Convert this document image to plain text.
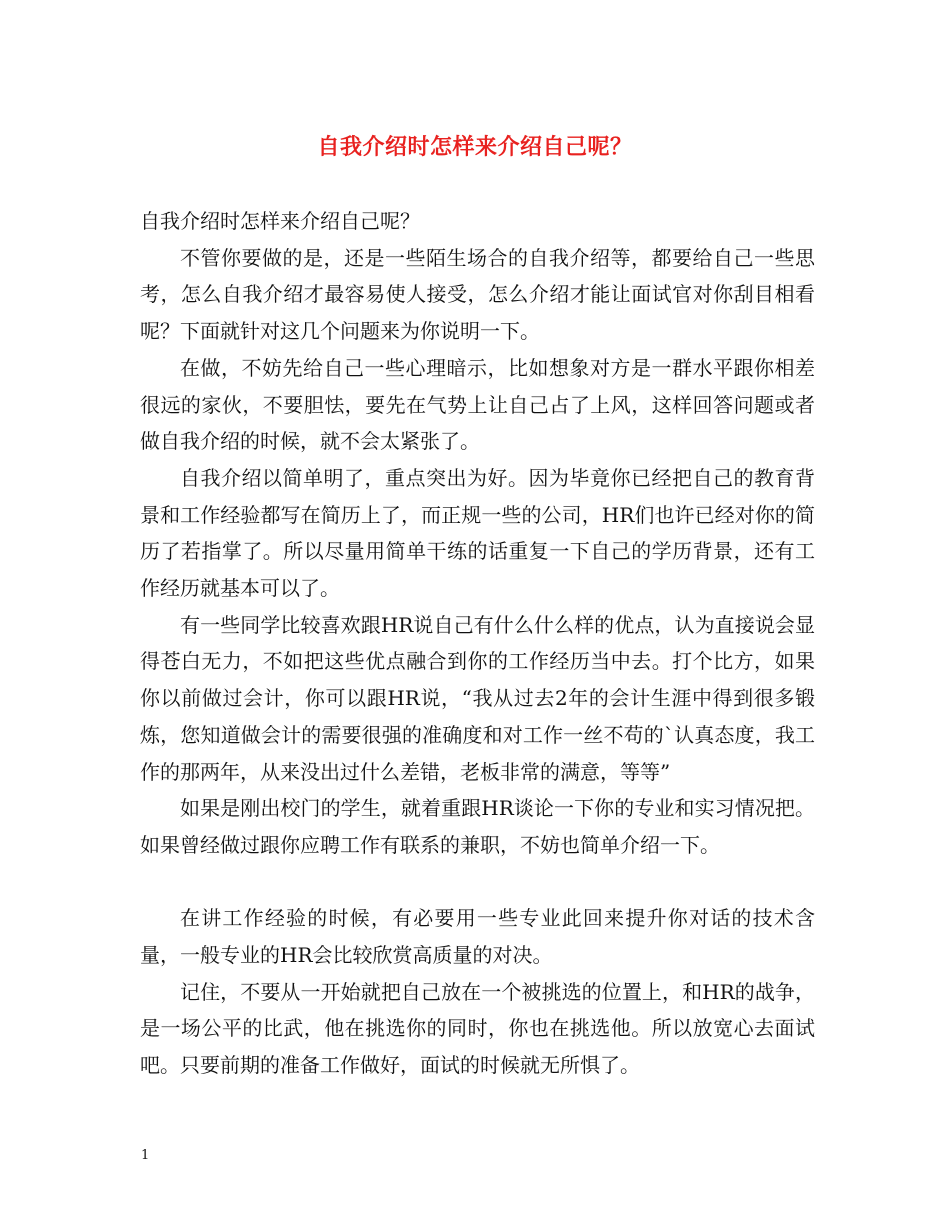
自我介绍时怎样来介绍自己呢？

自我介绍时怎样来介绍自己呢？

不管你要做的是，还是一些陌生场合的自我介绍等，都要给自己一些思考，怎么自我介绍才最容易使人接受，怎么介绍才能让面试官对你刮目相看呢？下面就针对这几个问题来为你说明一下。

在做，不妨先给自己一些心理暗示，比如想象对方是一群水平跟你相差很远的家伙，不要胆怯，要先在气势上让自己占了上风，这样回答问题或者做自我介绍的时候，就不会太紧张了。

自我介绍以简单明了，重点突出为好。因为毕竟你已经把自己的教育背景和工作经验都写在简历上了，而正规一些的公司，HR们也许已经对你的简历了若指掌了。所以尽量用简单干练的话重复一下自己的学历背景，还有工作经历就基本可以了。

有一些同学比较喜欢跟HR说自己有什么什么样的优点，认为直接说会显得苍白无力，不如把这些优点融合到你的工作经历当中去。打个比方，如果你以前做过会计，你可以跟HR说，“我从过去2年的会计生涯中得到很多锻炼，您知道做会计的需要很强的准确度和对工作一丝不苟的`认真态度，我工作的那两年，从来没出过什么差错，老板非常的满意，等等”

如果是刚出校门的学生，就着重跟HR谈论一下你的专业和实习情况把。如果曾经做过跟你应聘工作有联系的兼职，不妨也简单介绍一下。

在讲工作经验的时候，有必要用一些专业此回来提升你对话的技术含量，一般专业的HR会比较欣赏高质量的对决。

记住，不要从一开始就把自己放在一个被挑选的位置上，和HR的战争，是一场公平的比武，他在挑选你的同时，你也在挑选他。所以放宽心去面试吧。只要前期的准备工作做好，面试的时候就无所惧了。

1
